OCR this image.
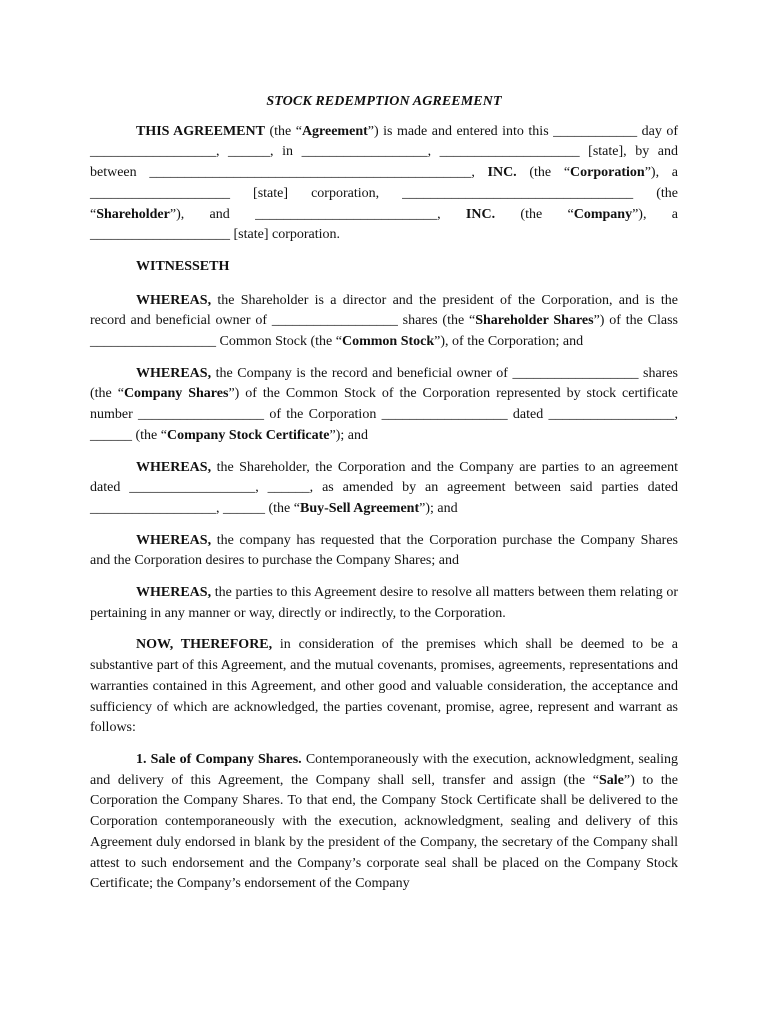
STOCK REDEMPTION AGREEMENT

THIS AGREEMENT (the “Agreement”) is made and entered into this ____________ day of __________________, ______, in __________________, ____________________ [state], by and between ______________________________________________, INC. (the “Corporation”), a ____________________ [state] corporation, _________________________________ (the “Shareholder”), and __________________________, INC. (the “Company”), a ____________________ [state] corporation.

WITNESSETH

WHEREAS, the Shareholder is a director and the president of the Corporation, and is the record and beneficial owner of __________________ shares (the “Shareholder Shares”) of the Class __________________ Common Stock (the “Common Stock”), of the Corporation; and

WHEREAS, the Company is the record and beneficial owner of __________________ shares (the “Company Shares”) of the Common Stock of the Corporation represented by stock certificate number __________________ of the Corporation __________________ dated __________________, ______ (the “Company Stock Certificate”); and

WHEREAS, the Shareholder, the Corporation and the Company are parties to an agreement dated __________________, ______, as amended by an agreement between said parties dated __________________, ______ (the “Buy-Sell Agreement”); and

WHEREAS, the company has requested that the Corporation purchase the Company Shares and the Corporation desires to purchase the Company Shares; and

WHEREAS, the parties to this Agreement desire to resolve all matters between them relating or pertaining in any manner or way, directly or indirectly, to the Corporation.

NOW, THEREFORE, in consideration of the premises which shall be deemed to be a substantive part of this Agreement, and the mutual covenants, promises, agreements, representations and warranties contained in this Agreement, and other good and valuable consideration, the acceptance and sufficiency of which are acknowledged, the parties covenant, promise, agree, represent and warrant as follows:

1. Sale of Company Shares. Contemporaneously with the execution, acknowledgment, sealing and delivery of this Agreement, the Company shall sell, transfer and assign (the “Sale”) to the Corporation the Company Shares. To that end, the Company Stock Certificate shall be delivered to the Corporation contemporaneously with the execution, acknowledgment, sealing and delivery of this Agreement duly endorsed in blank by the president of the Company, the secretary of the Company shall attest to such endorsement and the Company’s corporate seal shall be placed on the Company Stock Certificate; the Company’s endorsement of the Company
